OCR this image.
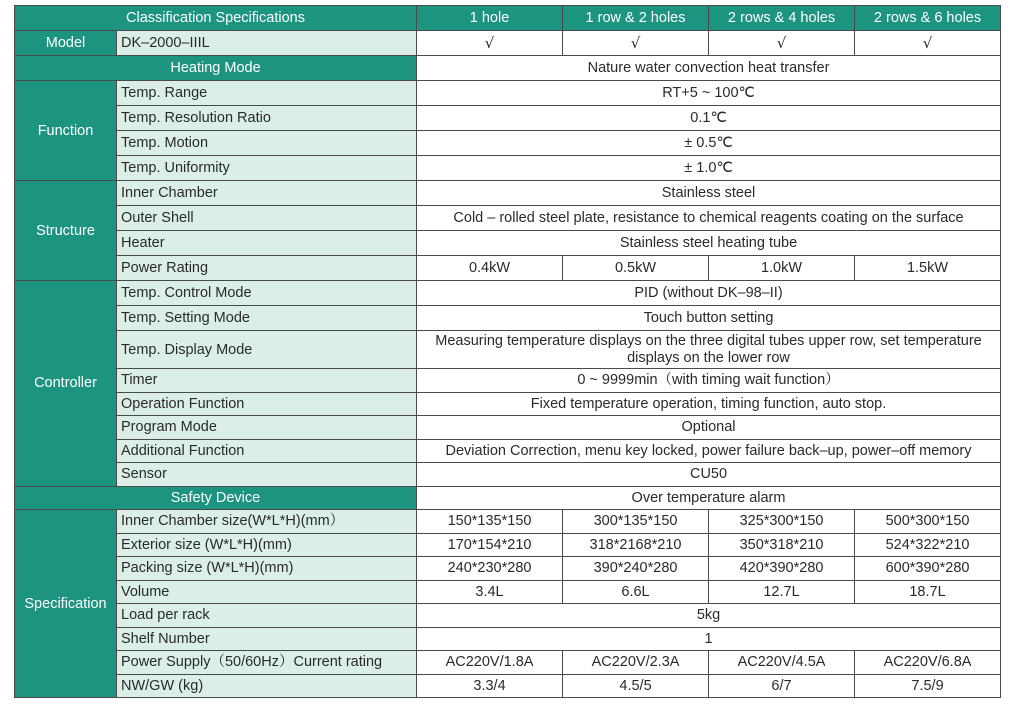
Classification Specifications		1 hole	1 row & 2 holes	2 rows & 4 holes	2 rows & 6 holes
Model	DK–2000–IIIL	√	√	√	√
Heating Mode		Nature water convection heat transfer			
Function	Temp. Range	RT+5 ~ 100℃			
	Temp. Resolution Ratio	0.1℃			
	Temp. Motion	± 0.5℃			
	Temp. Uniformity	± 1.0℃			
Structure	Inner Chamber	Stainless steel			
	Outer Shell	Cold – rolled steel plate, resistance to chemical reagents coating on the surface			
	Heater	Stainless steel heating tube			
	Power Rating	0.4kW	0.5kW	1.0kW	1.5kW
Controller	Temp. Control Mode	PID (without DK–98–II)			
	Temp. Setting Mode	Touch button setting			
	Temp. Display Mode	Measuring temperature displays on the three digital tubes upper row, set temperature displays on the lower row			
	Timer	0 ~ 9999min（with timing wait function）			
	Operation Function	Fixed temperature operation, timing function, auto stop.			
	Program Mode	Optional			
	Additional Function	Deviation Correction, menu key locked, power failure back–up, power–off memory			
	Sensor	CU50			
Safety Device		Over temperature alarm			
Specification	Inner Chamber size(W*L*H)(mm）	150*135*150	300*135*150	325*300*150	500*300*150
	Exterior size (W*L*H)(mm)	170*154*210	318*2168*210	350*318*210	524*322*210
	Packing size (W*L*H)(mm)	240*230*280	390*240*280	420*390*280	600*390*280
	Volume	3.4L	6.6L	12.7L	18.7L
	Load per rack	5kg			
	Shelf Number	1			
	Power Supply（50/60Hz）Current rating	AC220V/1.8A	AC220V/2.3A	AC220V/4.5A	AC220V/6.8A
	NW/GW (kg)	3.3/4	4.5/5	6/7	7.5/9
